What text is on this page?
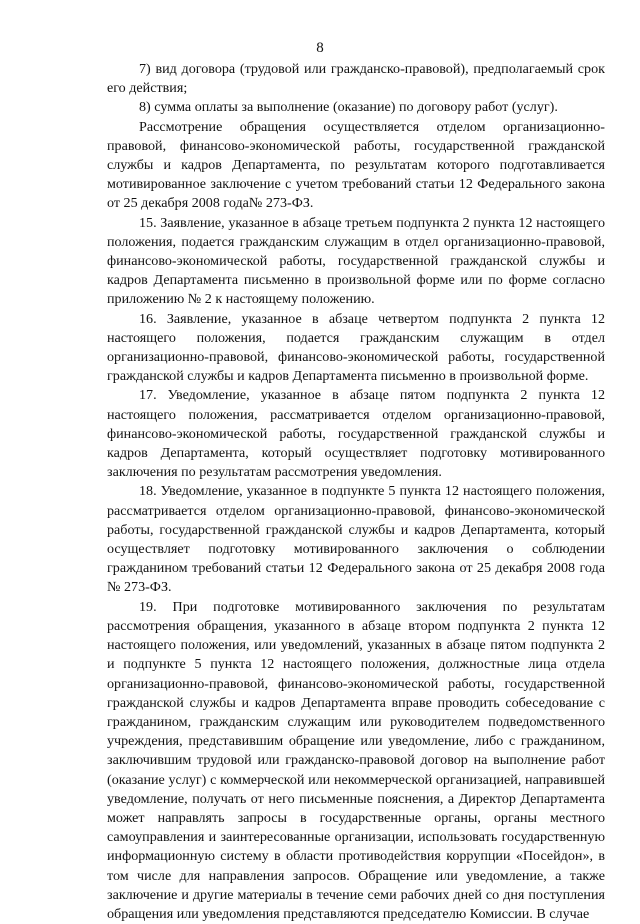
8

7) вид договора (трудовой или гражданско-правовой), предполагаемый срок его действия;

8) сумма оплаты за выполнение (оказание) по договору работ (услуг).

Рассмотрение обращения осуществляется отделом организационно-правовой, финансово-экономической работы, государственной гражданской службы и кадров Департамента, по результатам которого подготавливается мотивированное заключение с учетом требований статьи 12 Федерального закона от 25 декабря 2008 года№ 273-ФЗ.

15. Заявление, указанное в абзаце третьем подпункта 2 пункта 12 настоящего положения, подается гражданским служащим в отдел организационно-правовой, финансово-экономической работы, государственной гражданской службы и кадров Департамента письменно в произвольной форме или по форме согласно приложению № 2 к настоящему положению.

16. Заявление, указанное в абзаце четвертом подпункта 2 пункта 12 настоящего положения, подается гражданским служащим в отдел организационно-правовой, финансово-экономической работы, государственной гражданской службы и кадров Департамента письменно в произвольной форме.

17. Уведомление, указанное в абзаце пятом подпункта 2 пункта 12 настоящего положения, рассматривается отделом организационно-правовой, финансово-экономической работы, государственной гражданской службы и кадров Департамента, который осуществляет подготовку мотивированного заключения по результатам рассмотрения уведомления.

18. Уведомление, указанное в подпункте 5 пункта 12 настоящего положения, рассматривается отделом организационно-правовой, финансово-экономической работы, государственной гражданской службы и кадров Департамента, который осуществляет подготовку мотивированного заключения о соблюдении гражданином требований статьи 12 Федерального закона от 25 декабря 2008 года № 273-ФЗ.

19. При подготовке мотивированного заключения по результатам рассмотрения обращения, указанного в абзаце втором подпункта 2 пункта 12 настоящего положения, или уведомлений, указанных в абзаце пятом подпункта 2 и подпункте 5 пункта 12 настоящего положения, должностные лица отдела организационно-правовой, финансово-экономической работы, государственной гражданской службы и кадров Департамента вправе проводить собеседование с гражданином, гражданским служащим или руководителем подведомственного учреждения, представившим обращение или уведомление, либо с гражданином, заключившим трудовой или гражданско-правовой договор на выполнение работ (оказание услуг) с коммерческой или некоммерческой организацией, направившей уведомление, получать от него письменные пояснения, а Директор Департамента может направлять запросы в государственные органы, органы местного самоуправления и заинтересованные организации, использовать государственную информационную систему в области противодействия коррупции «Посейдон», в том числе для направления запросов. Обращение или уведомление, а также заключение и другие материалы в течение семи рабочих дней со дня поступления обращения или уведомления представляются председателю Комиссии. В случае
